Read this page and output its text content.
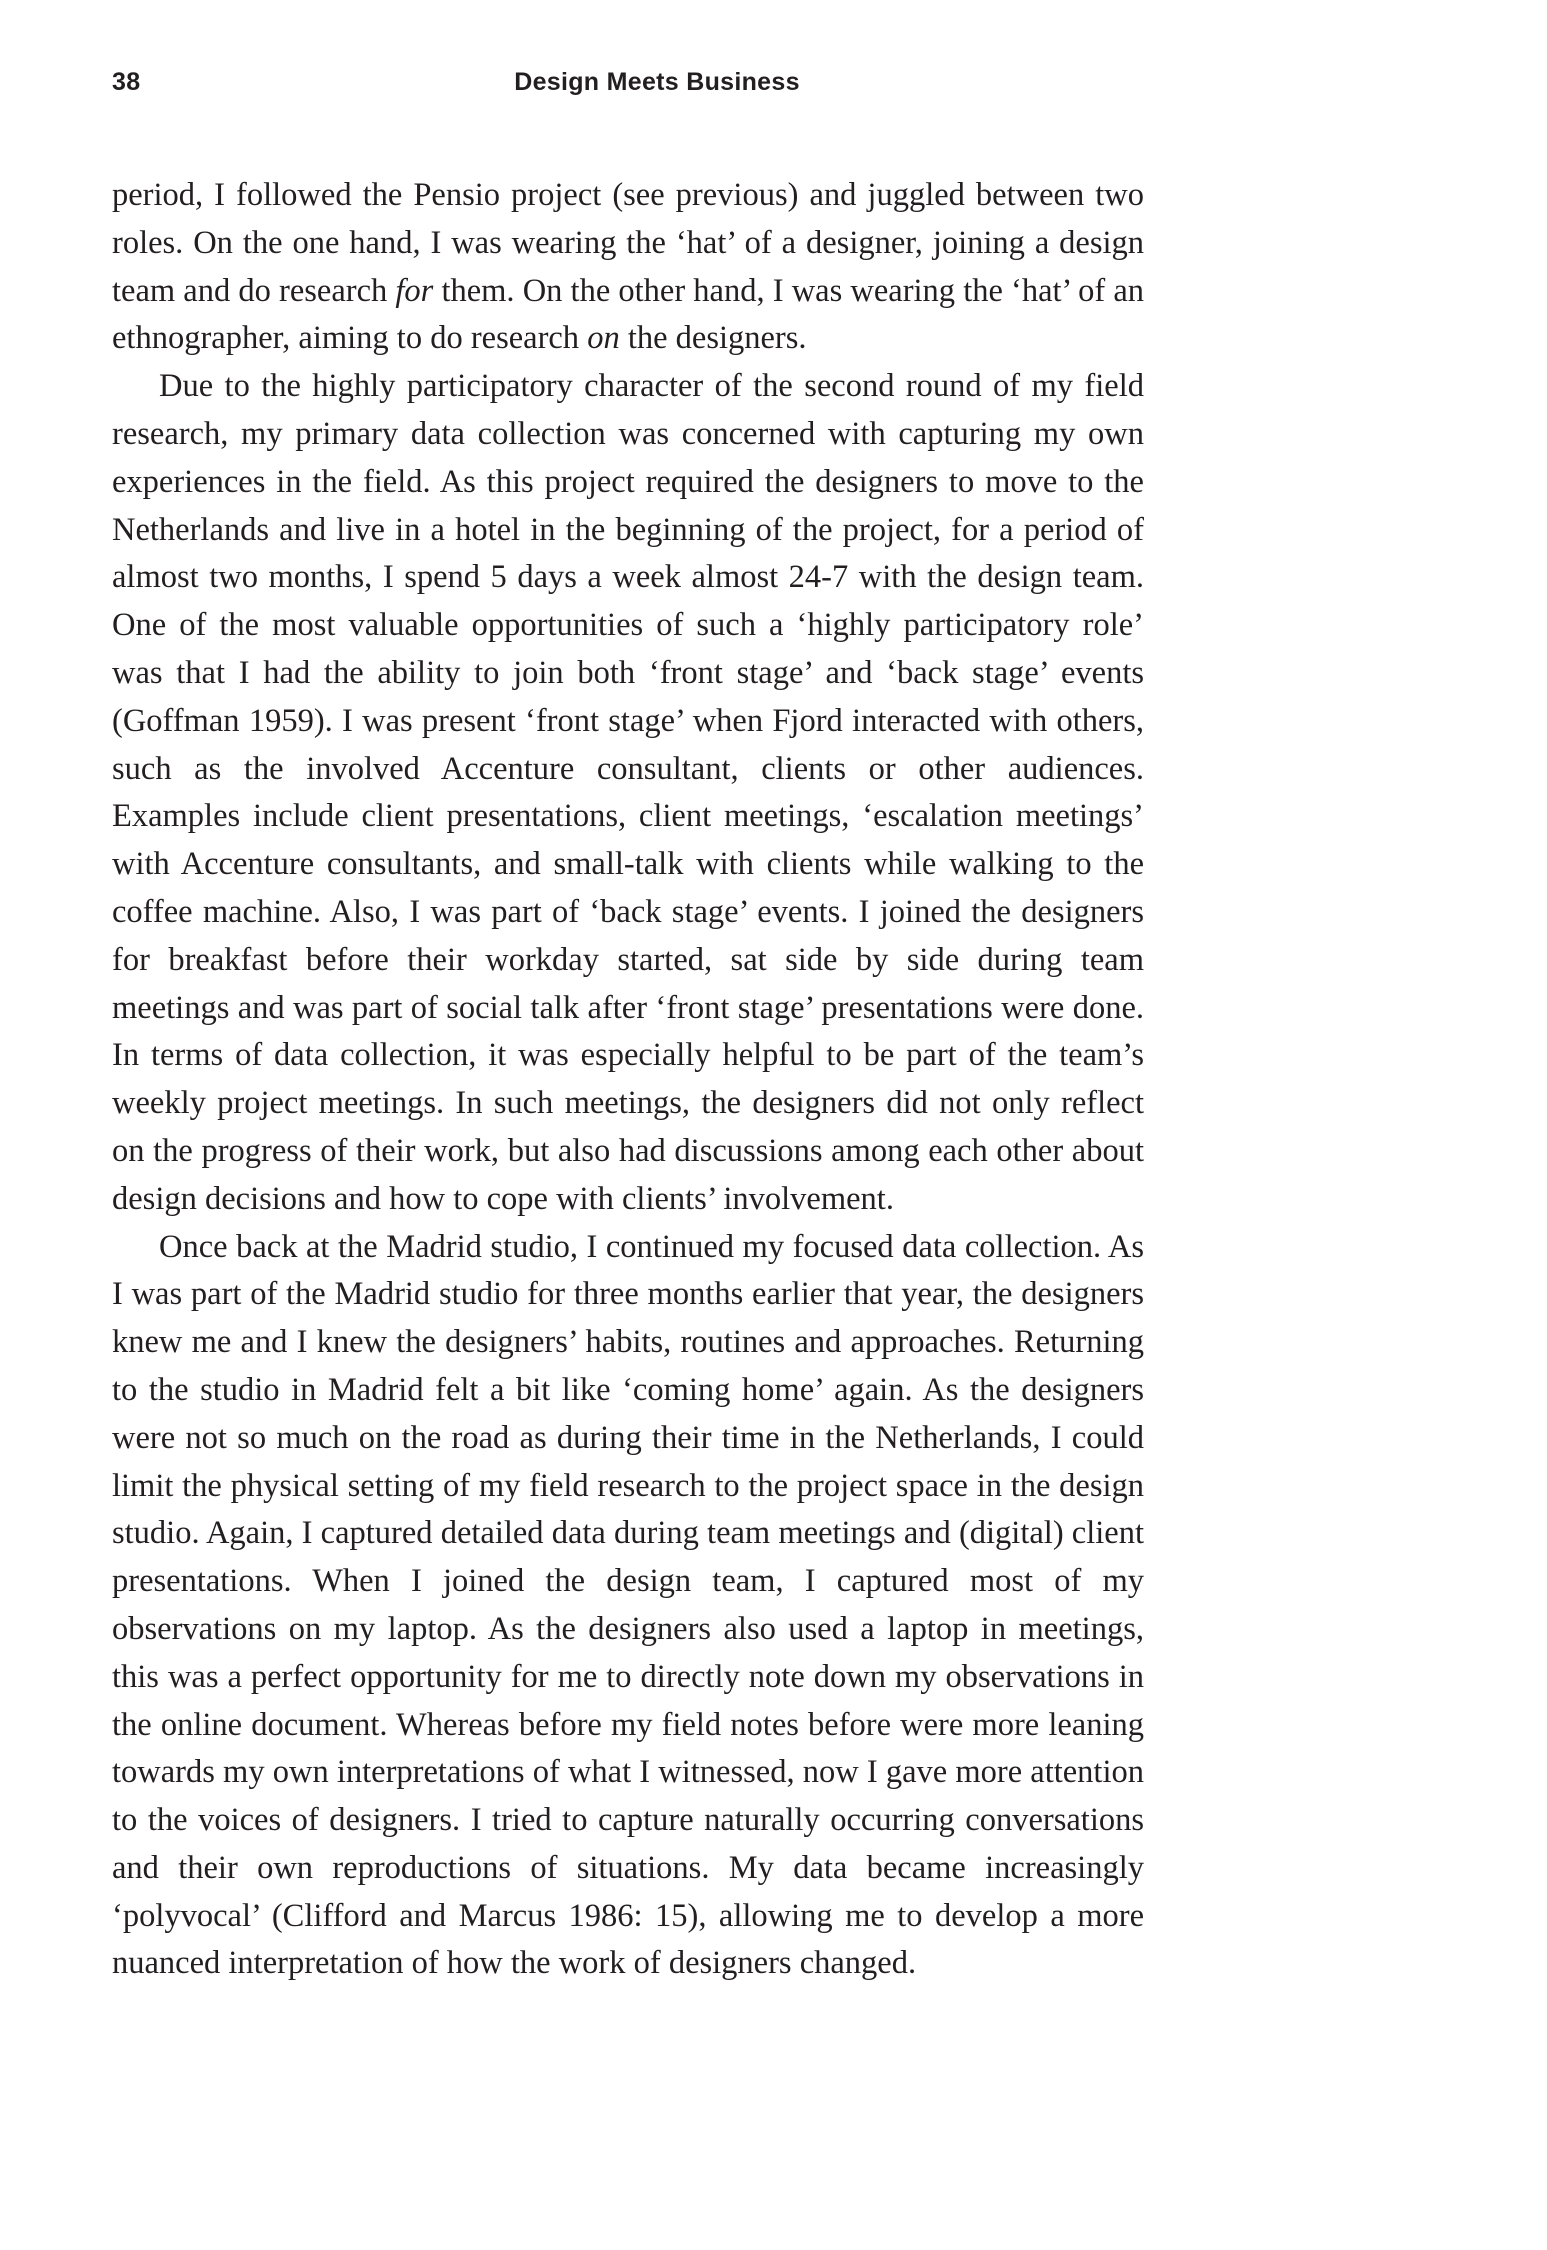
38	Design Meets Business

period, I followed the Pensio project (see previous) and juggled between two roles. On the one hand, I was wearing the ‘hat’ of a designer, joining a design team and do research for them. On the other hand, I was wearing the ‘hat’ of an ethnographer, aiming to do research on the designers.

Due to the highly participatory character of the second round of my field research, my primary data collection was concerned with capturing my own experiences in the field. As this project required the designers to move to the Netherlands and live in a hotel in the beginning of the project, for a period of almost two months, I spend 5 days a week almost 24-7 with the design team. One of the most valuable opportunities of such a ‘highly participatory role’ was that I had the ability to join both ‘front stage’ and ‘back stage’ events (Goffman 1959). I was present ‘front stage’ when Fjord interacted with others, such as the involved Accenture consultant, clients or other audiences. Examples include client presentations, client meetings, ‘escalation meetings’ with Accenture consultants, and small-talk with clients while walking to the coffee machine. Also, I was part of ‘back stage’ events. I joined the designers for breakfast before their workday started, sat side by side during team meetings and was part of social talk after ‘front stage’ presentations were done. In terms of data collection, it was especially helpful to be part of the team’s weekly project meetings. In such meetings, the designers did not only reflect on the progress of their work, but also had discussions among each other about design decisions and how to cope with clients’ involvement.

Once back at the Madrid studio, I continued my focused data collection. As I was part of the Madrid studio for three months earlier that year, the designers knew me and I knew the designers’ habits, routines and approaches. Returning to the studio in Madrid felt a bit like ‘coming home’ again. As the designers were not so much on the road as during their time in the Netherlands, I could limit the physical setting of my field research to the project space in the design studio. Again, I captured detailed data during team meetings and (digital) client presentations. When I joined the design team, I captured most of my observations on my laptop. As the designers also used a laptop in meetings, this was a perfect opportunity for me to directly note down my observations in the online document. Whereas before my field notes before were more leaning towards my own interpretations of what I witnessed, now I gave more attention to the voices of designers. I tried to capture naturally occurring conversations and their own reproductions of situations. My data became increasingly ‘polyvocal’ (Clifford and Marcus 1986: 15), allowing me to develop a more nuanced interpretation of how the work of designers changed.
